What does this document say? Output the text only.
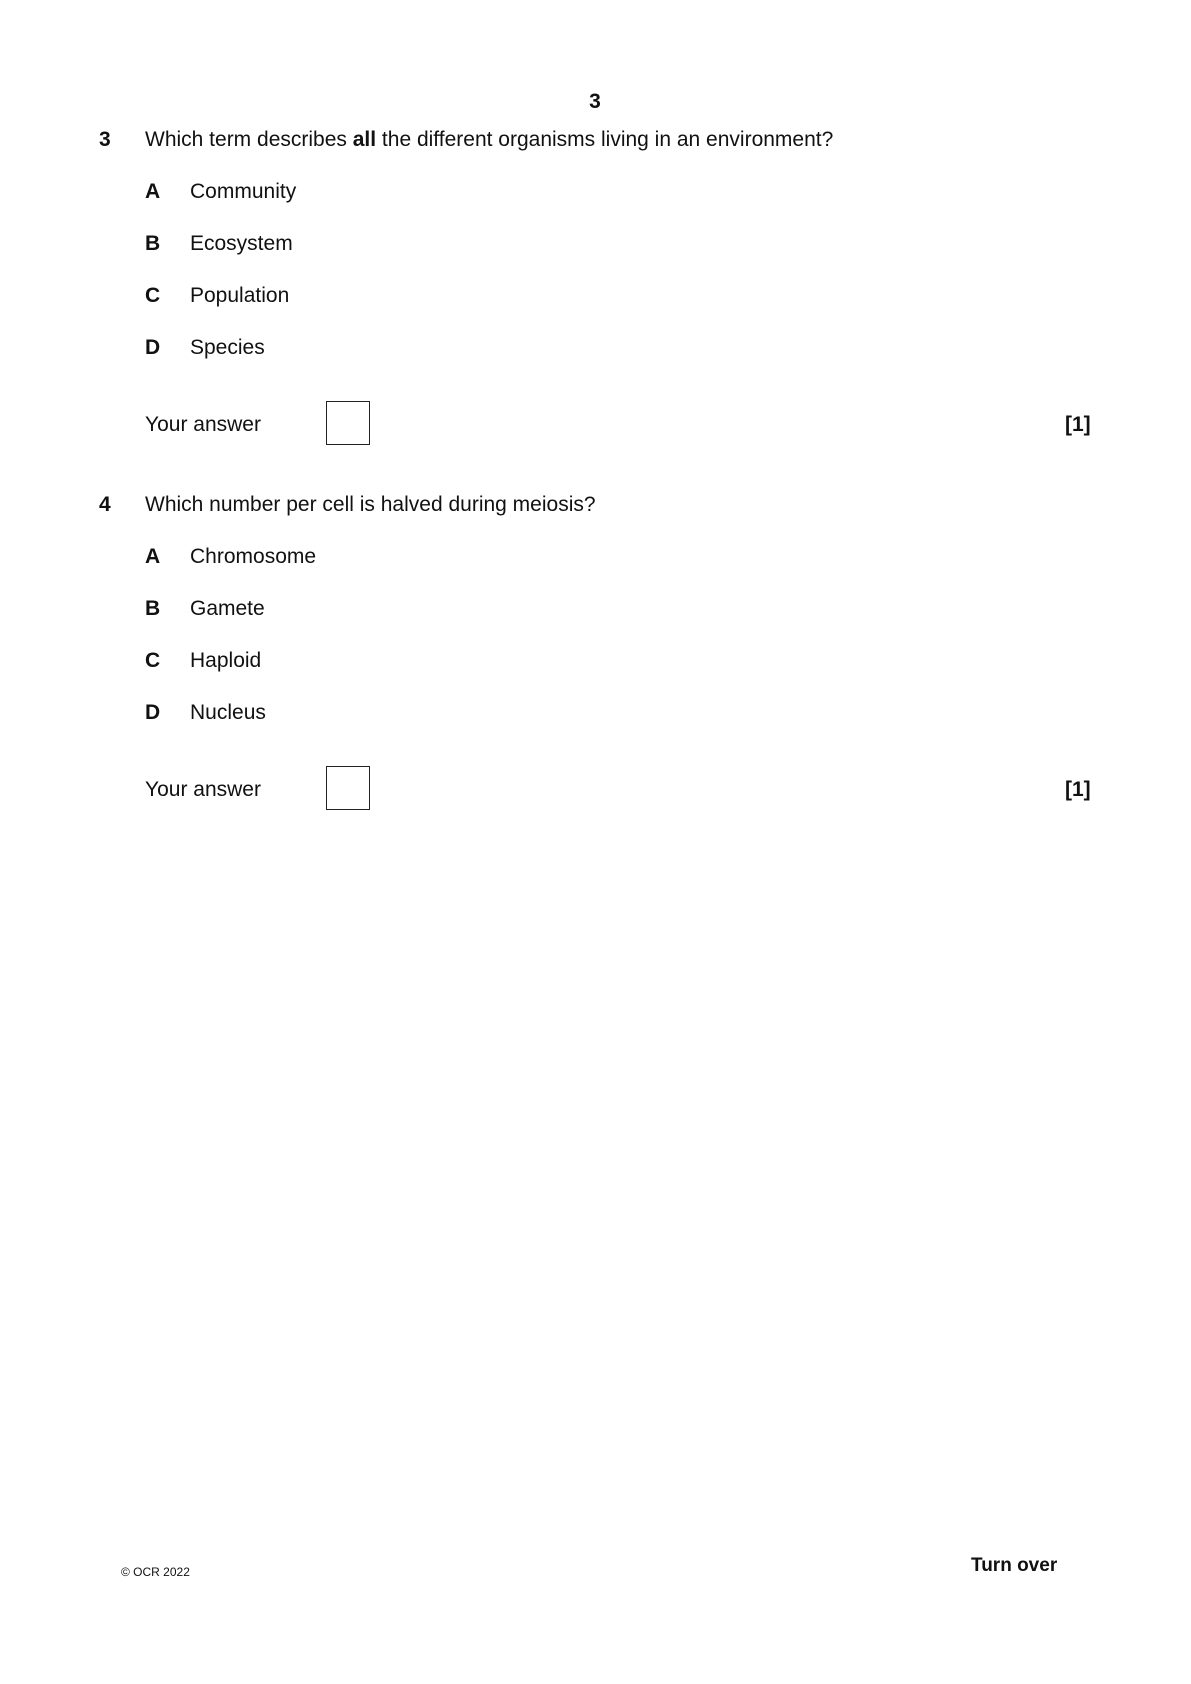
3
3 Which term describes all the different organisms living in an environment?
A Community
B Ecosystem
C Population
D Species
Your answer	[1]
4 Which number per cell is halved during meiosis?
A Chromosome
B Gamete
C Haploid
D Nucleus
Your answer	[1]
© OCR 2022	Turn over
